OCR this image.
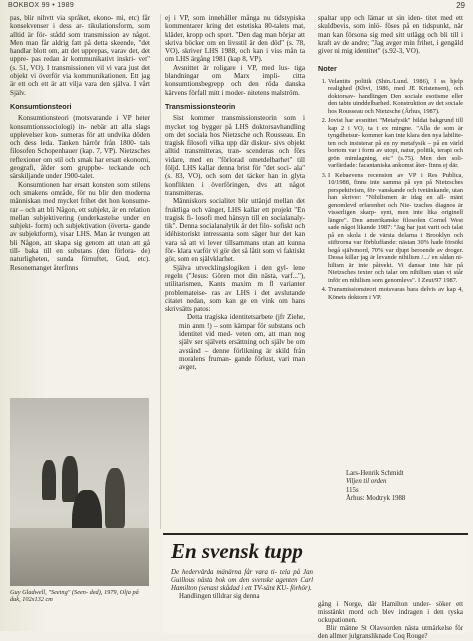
BOKBOX 99 • 1989	29

pas, blir nihvtt via språket, ekono- mi, etc) får konsekvenser i dess ar- tikulationsform, som alltid är för- stådd som transmission av något. Men man får aldrig fatt på detta skeende, "det handlar blott om, att det upprepas, varav det, det uppre- pas redan är kommunikativt inskri- vet" (s. 51, VO). I transmissionen vil vi vara just det objekt vi överför via kommunikationen. Ett jag är ett och ett är att vilja vara den själva. I vårt Själv.

Konsumtionsteori

Konsumtionsteori (motsvarande i VP heter konsumtionssociologi) in- nebär att alla slags upplevelser kon- sumeras för att undvika döden och dess leda. Tanken härrör från 1800- tals filosofen Schopenhauer (kap. 7, VP). Nietzsches reflexioner om stil och smak har ersatt ekonomi, geografi, ålder som gruppbe- teckande och särskiljande under 1900-talet.

Konsumtionen har ersatt konsten som stilens och smakens område, för nu blir den moderna människan med mycket frihet det hon konsume- rar – och att bli Någon, ett subjekt, är en relation mellan subjektivering (underkastelse under en subjekt- form) och subjektivation (överta- gande av subjektform), visar LHS. Man är tvungen att bli Någon, att skapa sig genom att utan att gå till- baka till en substans (den förlora- de) naturligheten, sunda förnuftet, Gud, etc). Resonemanget återfinns

Guy Gladwell, "Seeing" (Seen- ded), 1979, Olja på duk, 102x132 cm

ej i VP, som innehåller många nu tidstypiska kommentarer kring det estetiska 80-talets mat, kläder, kropp och sport. "Den dag man börjar att skriva böcker om en livsstil är den död" (s. 78, VO), skriver LHS 1988, och kan i viss mån ta om LHS ärgång 1981 (kap 8, VP).

Avsnittet är roligare i VP, med lus- tiga blandningar om Marx impli- citta konsumtionsbegrepp och den röda danska kärvens förfall mitt i moder- nitetens malström.

Transmissionsteorin

Sist kommer transmissionsteorin som i mycket tog bygger på LHS doktorsavhandling om det sociala hos Nietzsche och Rousseau. En tragisk filosofi vilka upp där diskur- sivs objekt alltid transmitteras, tran- scenderas och förs vidare, med en "förlorad ometdelbarhet" till följd. LHS kallar denna brist för "det soci- ala" (s. 83, VO), och som det täcker han in glyta konflikten i överföringen, dvs att något transmitteras.

Människors socialitet blir uttänjd mellan det fruktliga och vänget, LHS kallar ett projekt "En tragisk fi- losofi med hänsyn till en socialanaly- tik". Denna socialanalytik är det filo- sofiskt och idéhistoriskt intressanta som säger hur det kan vara så att vi lever tillsammans utan att kunna för- klara varför vi gör det så låtit som vi faktiskt gör, som en självklarhet.

Själva utvecklingslogiken i den gyl- lene regeln ("Jesus: Gören mot din nästa, varf..."), utilitarismen, Kants maxim m fl varianter problemateise- ras av LHS i det avslutande citatet nedan, som kan ge en vink om hans skrivsätts patos:

Detta tragiska identitetsarbete (jfr Ziehe, min anm !) – som kämpar för substans och identitet vid med- veten om, att man nog själv ser självets ersättning och själv be om avstånd – denne förlikning är skild från moralens fruman- gande förlust, vari man avger,

spaltar upp och lämar ut sin iden- titet med ett skuldbevis, som inlö- föses på en tidspunkt, när man kan försona sig med sitt utlägg och bli till i kraft av de andre; "Jag avger min frihet, i gengäld giver ni mig identitet" (s.92-3, VO).

Noter
1. Velantits politik (Shin./Lund. 1986), I ss hjelp realighed (Kbvi, 1986, med JE Kristensen), och doktorsav- handlingen Den sociale esotisme eller den tabte uinddelbarhed. Konstruktion av det sociale hos Rousseau och Nietzsche (Århus, 1987).
2. Jovist har avsnittet "Metafysik" bildat bakgrund till kap 2 i VO, ta t ex mingne. "Alla de som är tyngdhetsur- kommer kan inte klara den nya labilite- ten och insisterar på en ny metafysik – på en värld bortom var i form av utopi, natur, politik, terapi och grön mimlagning, etc" (s.75). Men den soli- varfärdade: facantaniska ankomst åter- finns ej där.
3. I Kebaevens recension av VP i Res Publica, 10/1988, finns inte samma på syn på Nietzsches perspektivism, för- vanskande och tvetänkande, utan han skriver: "Nihilismen är idag en all- mänt genomlevd erfarenhet och Nie- tzsches diagnos är visserligen skarp- synt, men inte lika originell längre". Den amerikanske filosofen Cornel West sade något likande 1987: "Jag har just varit och talat på en skola i de värsta delarna i Brooklyn och stiftrorna var förbluffande: nästan 30% hade försökt begå självmord, 70% var djupt beroende av droger. Dessa killar jag är levande nihilism /.../ en sådan ni- hilism är inte påtvekt. Vi dansar inte här på Nietzsches texter och talar om nihilism utan vi står inför en nihilism som genomlevs". I Zeut/97 1987.
4. Transmissionsteori motsvaras bara delvis av kap 4, Könets doktorn i VP.
Lars-Henrik Schmidt
Viljen til orden
115s
Århus: Modtryk 1988
En svensk tupp

De hedervärda mänärna får vara ti- tela på Jan Guillous nästa bok om den svenske agenten Carl Hamilton (senast skådad i ett TV-sänt KU- förhör).

Handlingen tilldrar sig denna

gång i Norge, där Hamilton under- söker ett misstänkt mord och blev indragen i den ryska ockupationen.

Blir männe St Olavsorden nästa utmärkelse för den allmer julgransliknade Coq Rouge?
